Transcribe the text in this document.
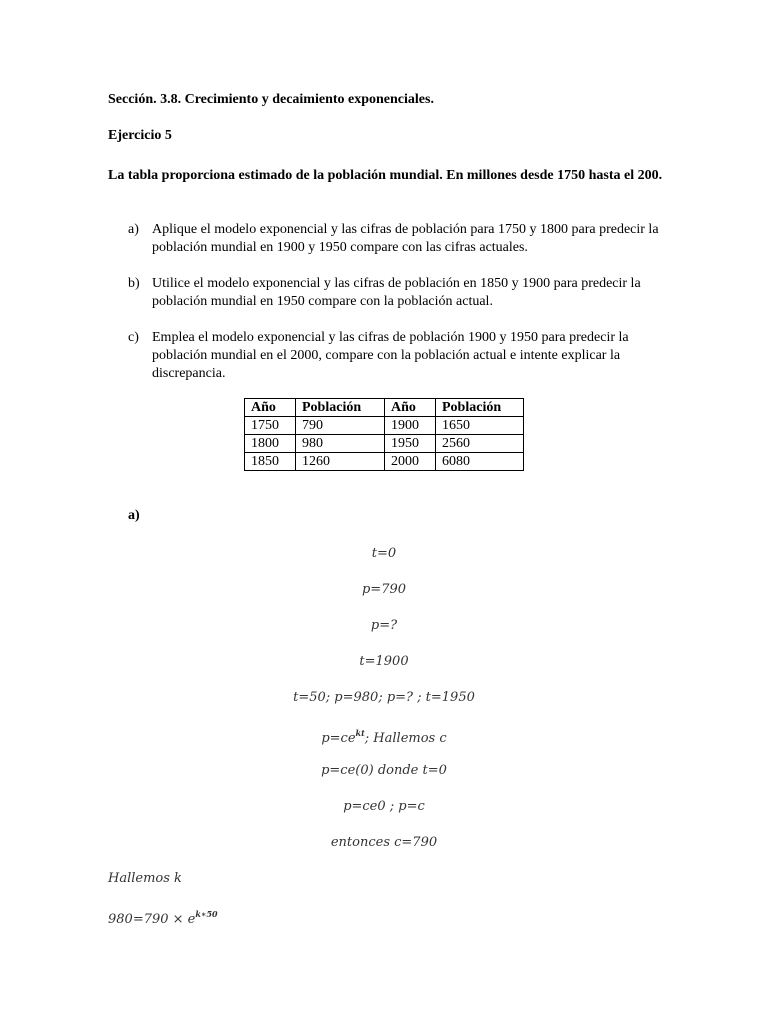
Sección. 3.8. Crecimiento y decaimiento exponenciales.
Ejercicio 5
La tabla proporciona estimado de la población mundial. En millones desde 1750 hasta el 200.
a) Aplique el modelo exponencial y las cifras de población para 1750 y 1800 para predecir la población mundial en 1900 y 1950 compare con las cifras actuales.
b) Utilice el modelo exponencial y las cifras de población en 1850 y 1900 para predecir la población mundial en 1950 compare con la población actual.
c) Emplea el modelo exponencial y las cifras de población 1900 y 1950 para predecir la población mundial en el 2000, compare con la población actual e intente explicar la discrepancia.
Año	Población	Año	Población
1750	790	1900	1650
1800	980	1950	2560
1850	1260	2000	6080
a)
t=0
p=790
p=?
t=1900
t=50; p=980; p=? ; t=1950
$p=ce^{kt}$; Hallemos c
p=ce(0) donde t=0
p=ce0 ; p=c
entonces c=790
Hallemos k
$980=790 \times e^{k∗50}$
